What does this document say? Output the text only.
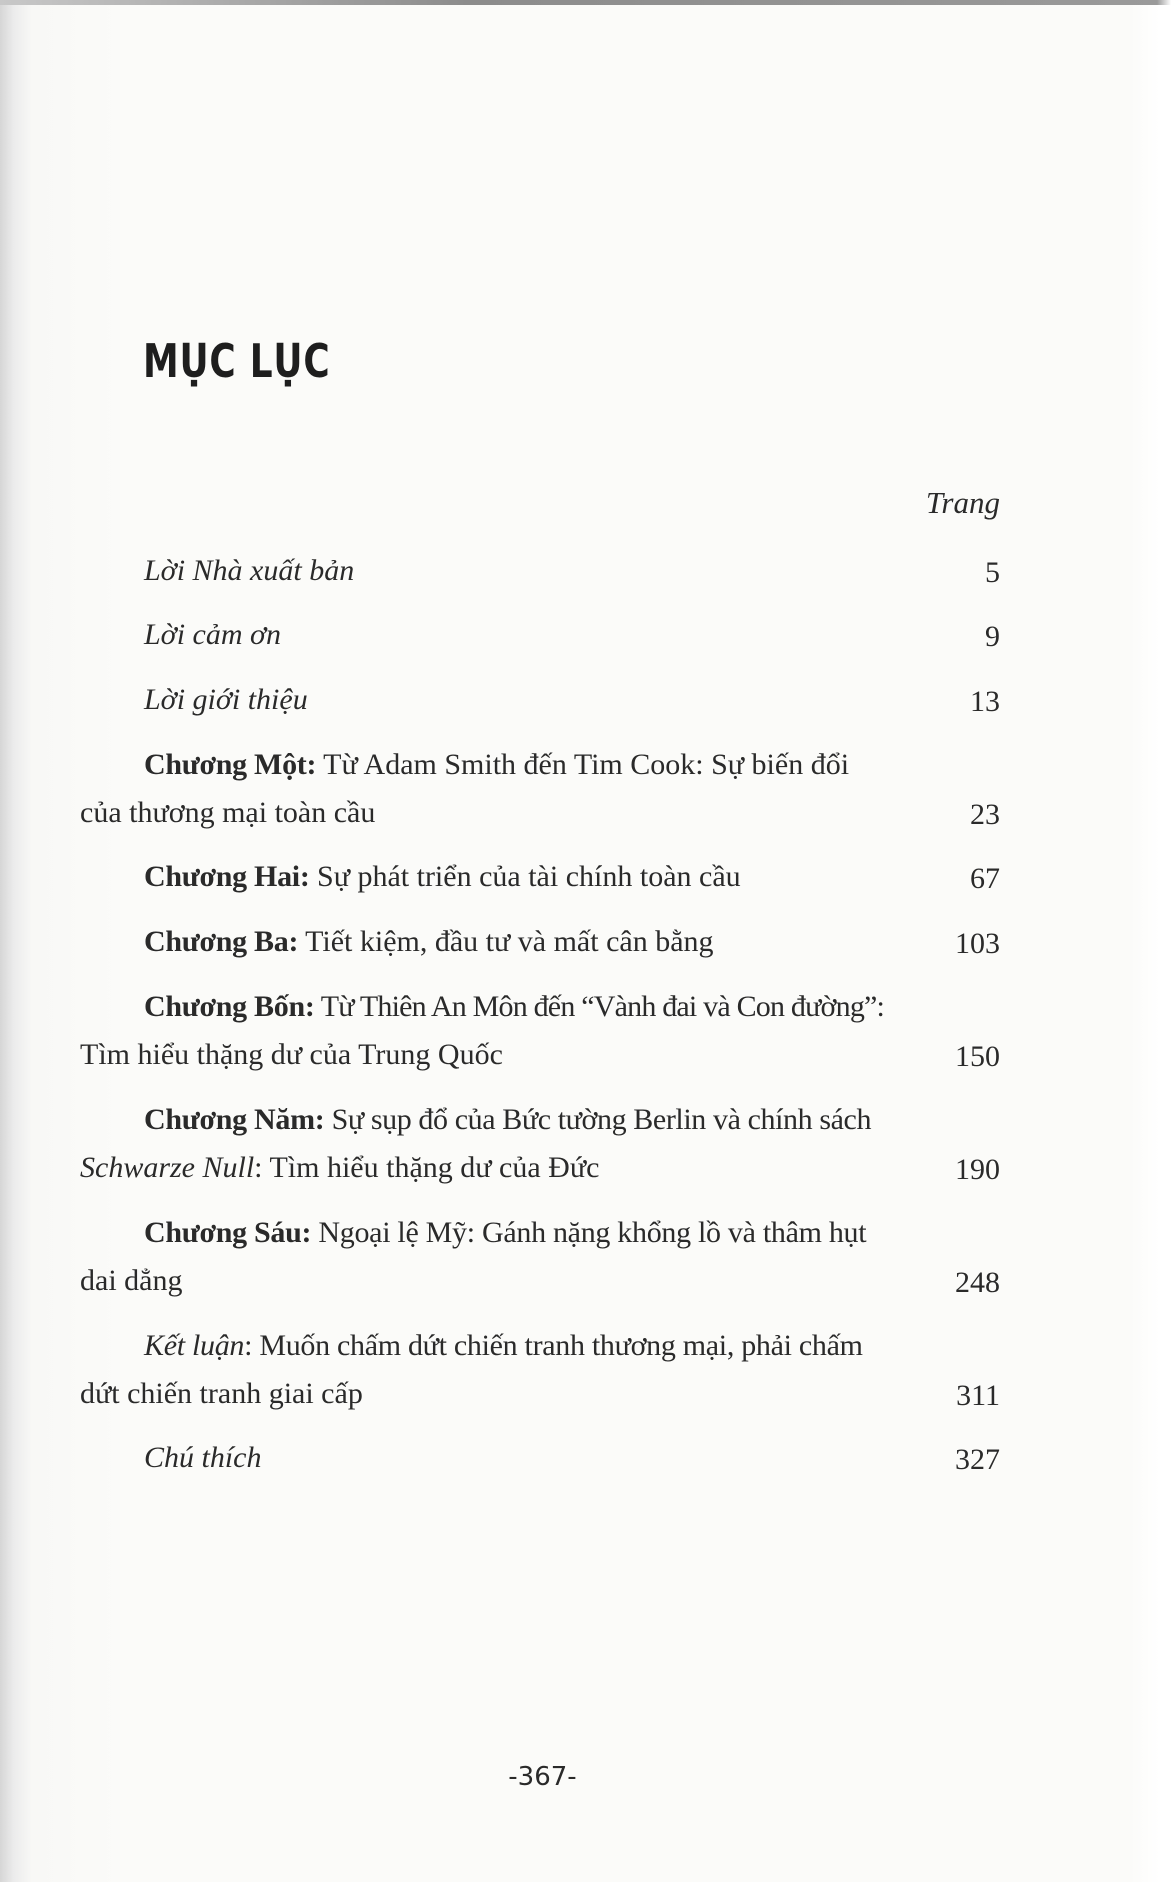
MỤC LỤC
Trang
Lời Nhà xuất bản	5
Lời cảm ơn	9
Lời giới thiệu	13
Chương Một: Từ Adam Smith đến Tim Cook: Sự biến đổi
của thương mại toàn cầu	23
Chương Hai: Sự phát triển của tài chính toàn cầu	67
Chương Ba: Tiết kiệm, đầu tư và mất cân bằng	103
Chương Bốn: Từ Thiên An Môn đến “Vành đai và Con đường”:
Tìm hiểu thặng dư của Trung Quốc	150
Chương Năm: Sự sụp đổ của Bức tường Berlin và chính sách
Schwarze Null: Tìm hiểu thặng dư của Đức	190
Chương Sáu: Ngoại lệ Mỹ: Gánh nặng khổng lồ và thâm hụt
dai dẳng	248
Kết luận: Muốn chấm dứt chiến tranh thương mại, phải chấm
dứt chiến tranh giai cấp	311
Chú thích	327
-367-
